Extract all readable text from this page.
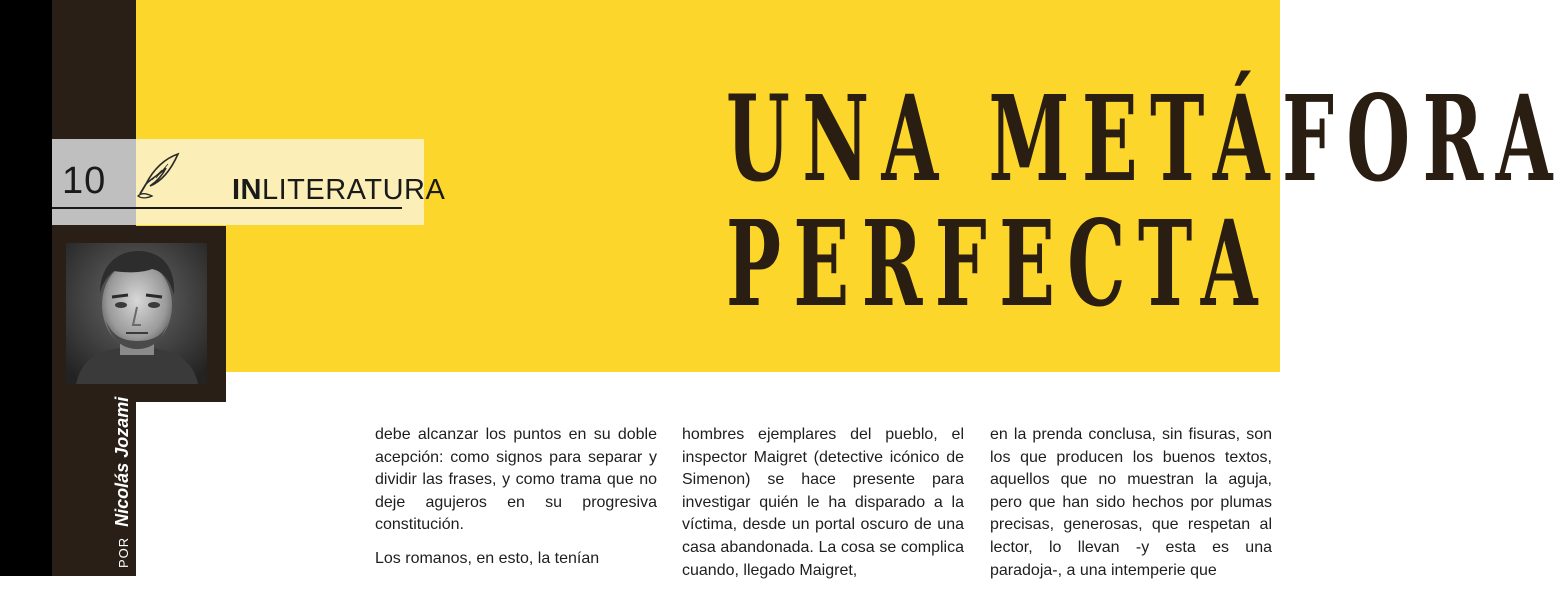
10	INLITERATURA
PORNicolás Jozami
UNA METÁFORA
PERFECTA

debe alcanzar los puntos en su doble acepción: como signos para separar y dividir las frases, y como trama que no deje agujeros en su progresiva constitución.

Los romanos, en esto, la tenían

hombres ejemplares del pueblo, el inspector Maigret (detective icónico de Simenon) se hace presente para investigar quién le ha disparado a la víctima, desde un portal oscuro de una casa abandonada. La cosa se complica cuando, llegado Maigret,

en la prenda conclusa, sin fisuras, son los que producen los buenos textos, aquellos que no muestran la aguja, pero que han sido hechos por plumas precisas, generosas, que respetan al lector, lo llevan -y esta es una paradoja-, a una intemperie que
